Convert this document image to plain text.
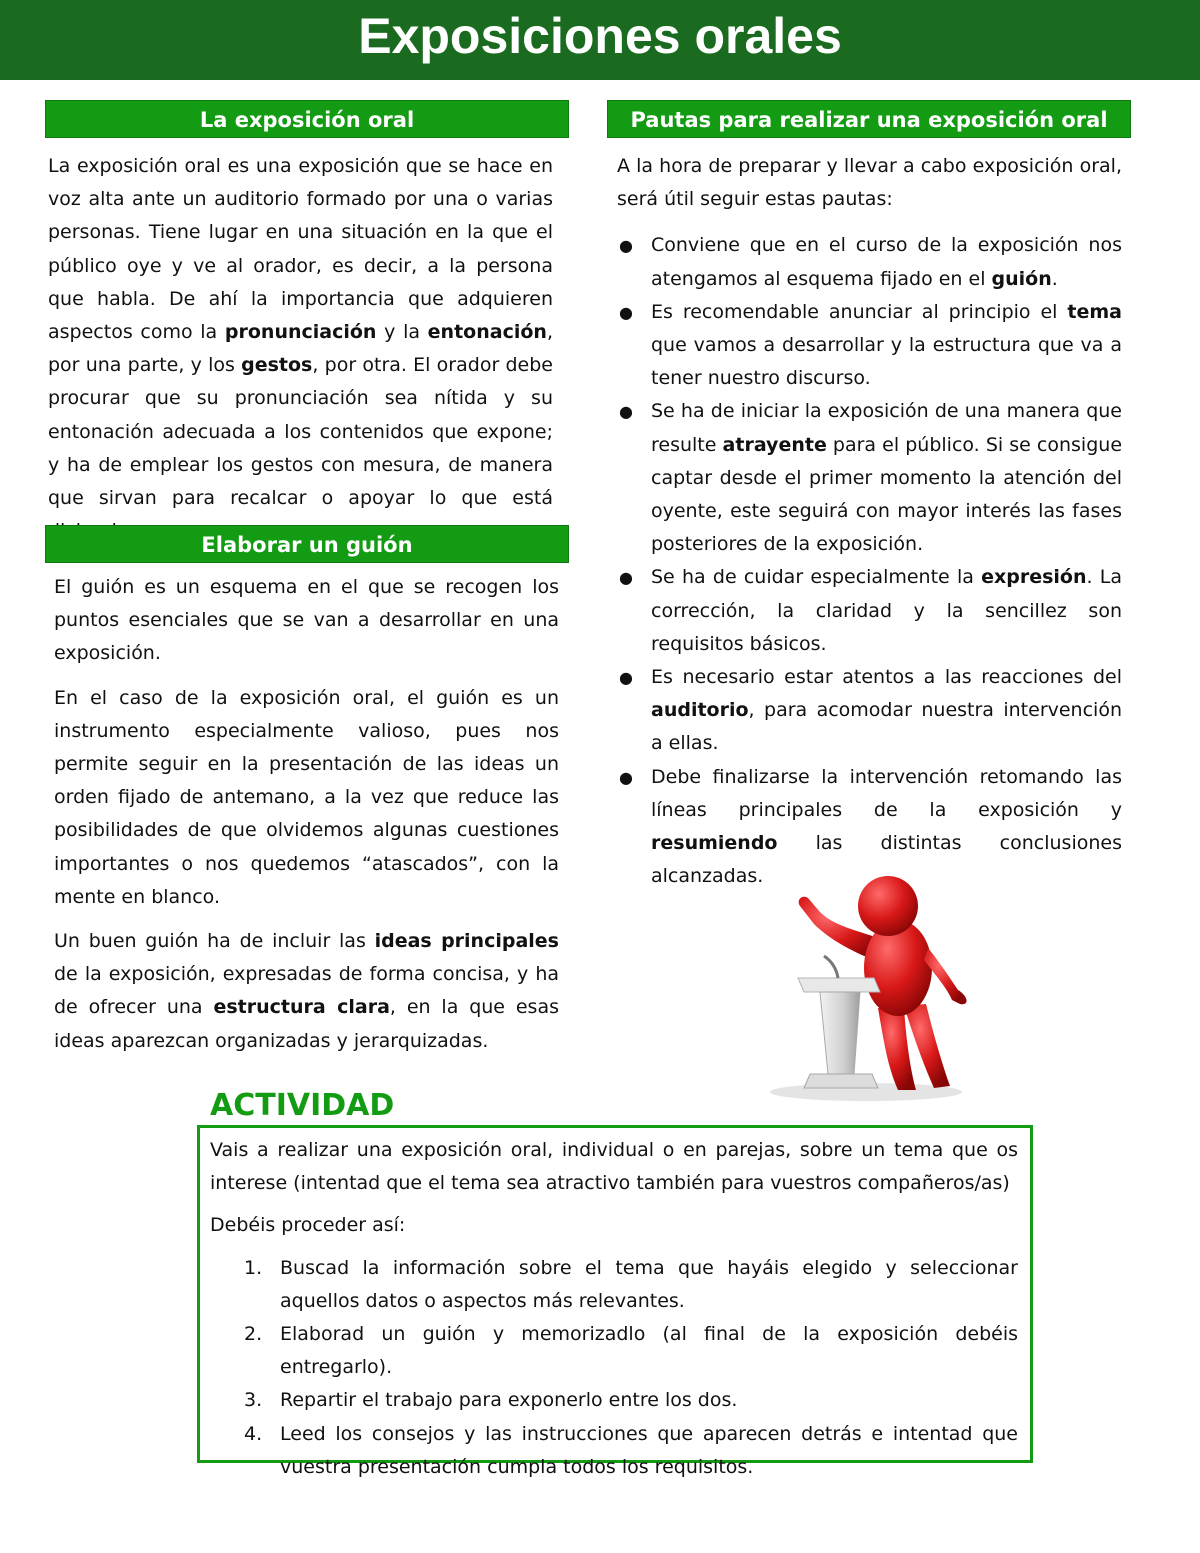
Exposiciones orales
La exposición oral

La exposición oral es una exposición que se hace en voz alta ante un auditorio formado por una o varias personas. Tiene lugar en una situación en la que el público oye y ve al orador, es decir, a la persona que habla. De ahí la importancia que adquieren aspectos como la pronunciación y la entonación, por una parte, y los gestos, por otra. El orador debe procurar que su pronunciación sea nítida y su entonación adecuada a los contenidos que expone; y ha de emplear los gestos con mesura, de manera que sirvan para recalcar o apoyar lo que está

Elaborar un guión

El guión es un esquema en el que se recogen los puntos esenciales que se van a desarrollar en una exposición.

En el caso de la exposición oral, el guión es un instrumento especialmente valioso, pues nos permite seguir en la presentación de las ideas un orden fijado de antemano, a la vez que reduce las posibilidades de que olvidemos algunas cuestiones importantes o nos quedemos “atascados”, con la mente en blanco.

Un buen guión ha de incluir las ideas principales de la exposición, expresadas de forma concisa, y ha de ofrecer una estructura clara, en la que esas ideas aparezcan organizadas y jerarquizadas.

Pautas para realizar una exposición oral

A la hora de preparar y llevar a cabo exposición oral, será útil seguir estas pautas:

● Conviene que en el curso de la exposición nos atengamos al esquema fijado en el guión.
● Es recomendable anunciar al principio el tema que vamos a desarrollar y la estructura que va a tener nuestro discurso.
● Se ha de iniciar la exposición de una manera que resulte atrayente para el público. Si se consigue captar desde el primer momento la atención del oyente, este seguirá con mayor interés las fases posteriores de la exposición.
● Se ha de cuidar especialmente la expresión. La corrección, la claridad y la sencillez son requisitos básicos.
● Es necesario estar atentos a las reacciones del auditorio, para acomodar nuestra intervención a ellas.
● Debe finalizarse la intervención retomando las líneas principales de la exposición y resumiendo las distintas conclusiones alcanzadas.
ACTIVIDAD

Vais a realizar una exposición oral, individual o en parejas, sobre un tema que os interese (intentad que el tema sea atractivo también para vuestros compañeros/as)

Debéis proceder así:

1. Buscad la información sobre el tema que hayáis elegido y seleccionar aquellos datos o aspectos más relevantes.
2. Elaborad un guión y memorizadlo (al final de la exposición debéis entregarlo).
3. Repartir el trabajo para exponerlo entre los dos.
4. Leed los consejos y las instrucciones que aparecen detrás e intentad que vuestra presentación cumpla todos los requisitos.
